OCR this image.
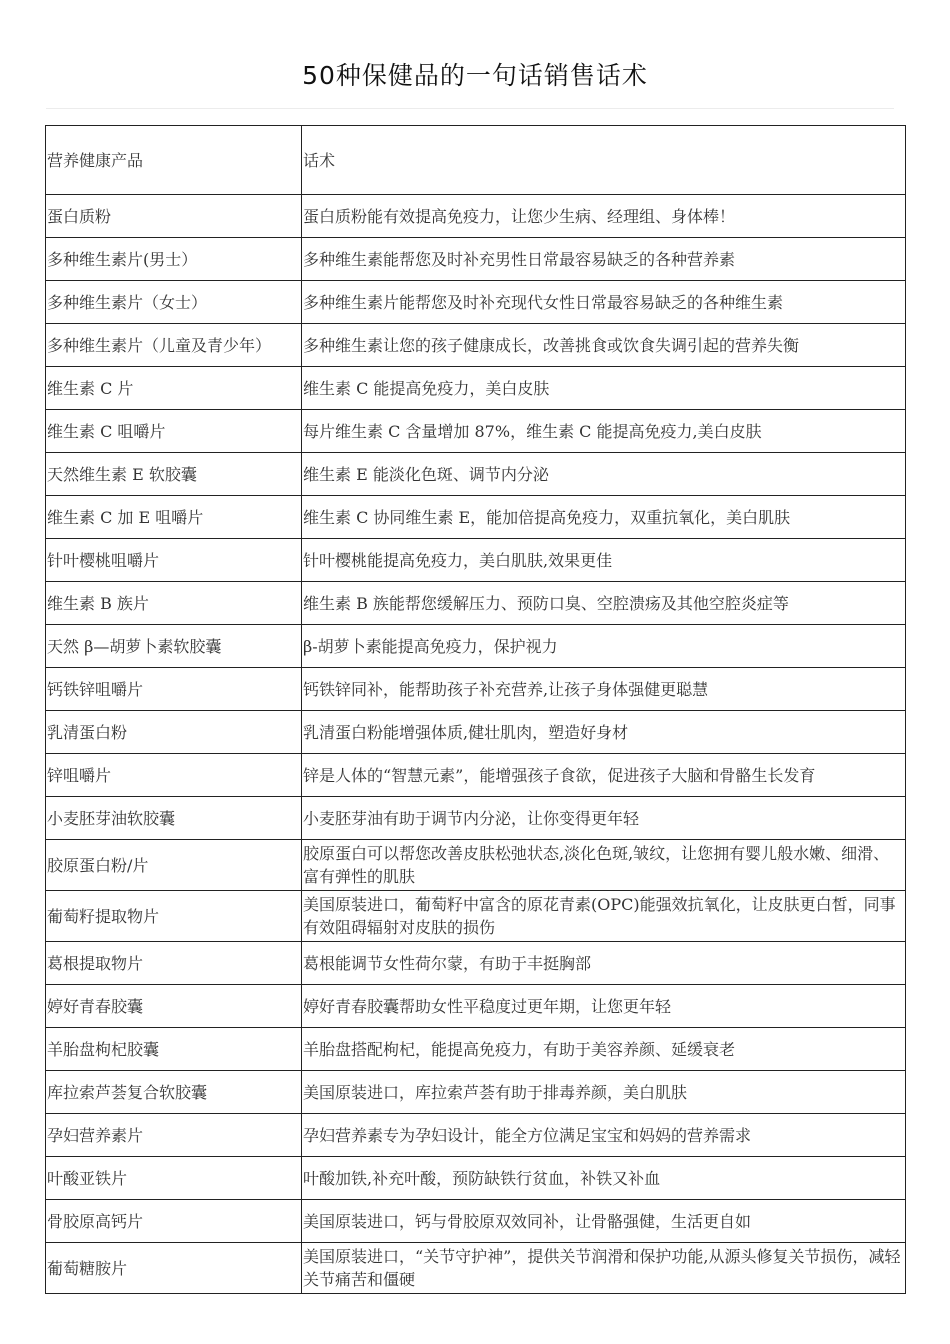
50种保健品的一句话销售话术
营养健康产品	话术
蛋白质粉	蛋白质粉能有效提高免疫力，让您少生病、经理组、身体棒！
多种维生素片(男士）	多种维生素能帮您及时补充男性日常最容易缺乏的各种营养素
多种维生素片（女士）	多种维生素片能帮您及时补充现代女性日常最容易缺乏的各种维生素
多种维生素片（儿童及青少年）	多种维生素让您的孩子健康成长，改善挑食或饮食失调引起的营养失衡
维生素 C 片	维生素 C 能提高免疫力，美白皮肤
维生素 C 咀嚼片	每片维生素 C 含量增加 87%，维生素 C 能提高免疫力,美白皮肤
天然维生素 E 软胶囊	维生素 E 能淡化色斑、调节内分泌
维生素 C 加 E 咀嚼片	维生素 C 协同维生素 E，能加倍提高免疫力，双重抗氧化，美白肌肤
针叶樱桃咀嚼片	针叶樱桃能提高免疫力，美白肌肤,效果更佳
维生素 B 族片	维生素 B 族能帮您缓解压力、预防口臭、空腔溃疡及其他空腔炎症等
天然 β—胡萝卜素软胶囊	β-胡萝卜素能提高免疫力，保护视力
钙铁锌咀嚼片	钙铁锌同补，能帮助孩子补充营养,让孩子身体强健更聪慧
乳清蛋白粉	乳清蛋白粉能增强体质,健壮肌肉，塑造好身材
锌咀嚼片	锌是人体的“智慧元素”，能增强孩子食欲，促进孩子大脑和骨骼生长发育
小麦胚芽油软胶囊	小麦胚芽油有助于调节内分泌，让你变得更年轻
胶原蛋白粉/片	胶原蛋白可以帮您改善皮肤松弛状态,淡化色斑,皱纹，让您拥有婴儿般水嫩、细滑、富有弹性的肌肤
葡萄籽提取物片	美国原装进口，葡萄籽中富含的原花青素(OPC)能强效抗氧化，让皮肤更白皙，同事有效阻碍辐射对皮肤的损伤
葛根提取物片	葛根能调节女性荷尔蒙，有助于丰挺胸部
婷好青春胶囊	婷好青春胶囊帮助女性平稳度过更年期，让您更年轻
羊胎盘枸杞胶囊	羊胎盘搭配枸杞，能提高免疫力，有助于美容养颜、延缓衰老
库拉索芦荟复合软胶囊	美国原装进口，库拉索芦荟有助于排毒养颜，美白肌肤
孕妇营养素片	孕妇营养素专为孕妇设计，能全方位满足宝宝和妈妈的营养需求
叶酸亚铁片	叶酸加铁,补充叶酸，预防缺铁行贫血，补铁又补血
骨胶原高钙片	美国原装进口，钙与骨胶原双效同补，让骨骼强健，生活更自如
葡萄糖胺片	美国原装进口，“关节守护神”，提供关节润滑和保护功能,从源头修复关节损伤，减轻关节痛苦和僵硬
